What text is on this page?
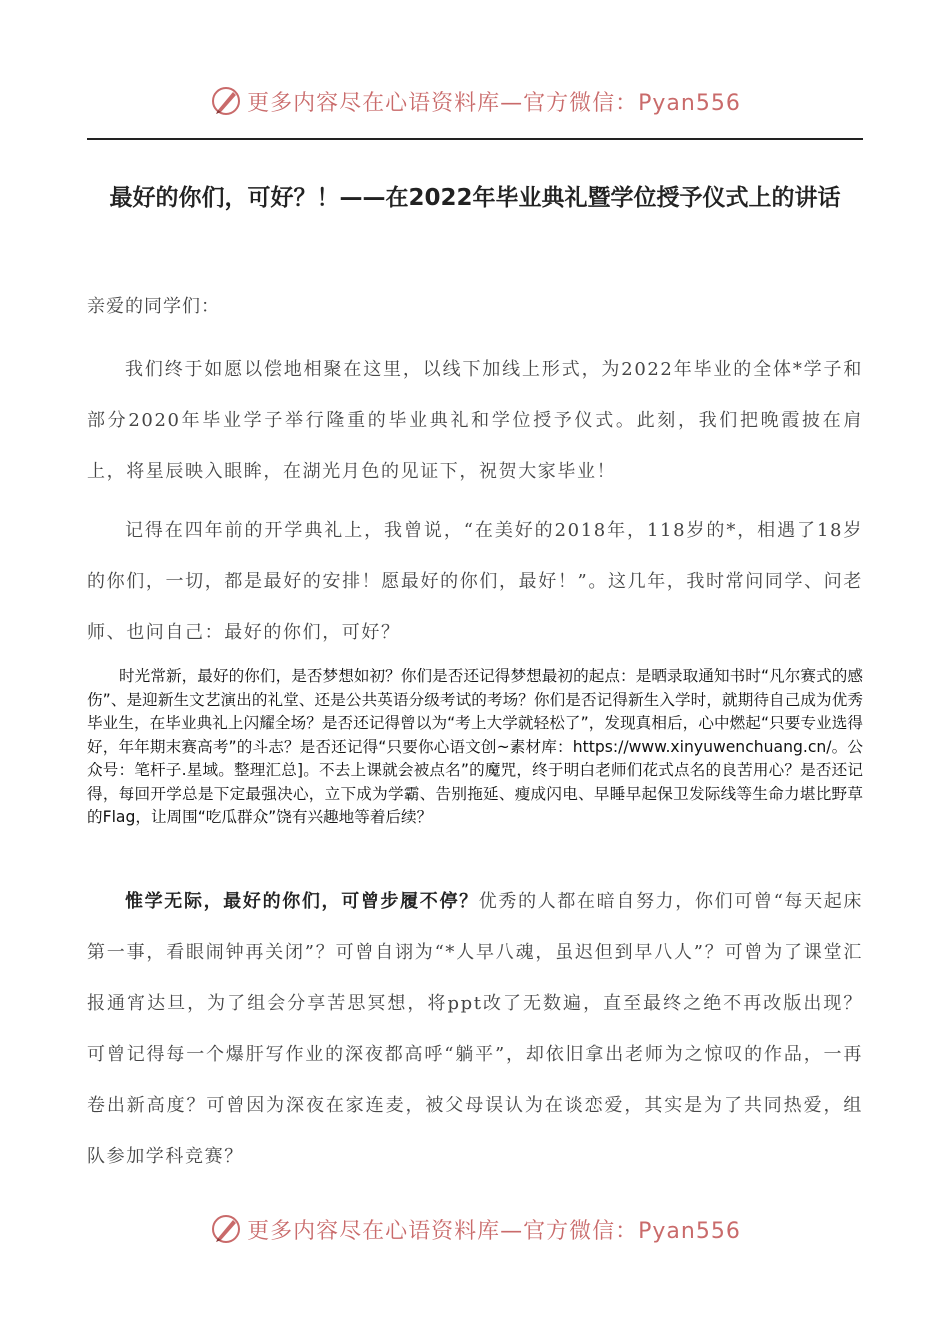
更多内容尽在心语资料库—官方微信：Pyan556
最好的你们，可好？！——在2022年毕业典礼暨学位授予仪式上的讲话
亲爱的同学们：

我们终于如愿以偿地相聚在这里，以线下加线上形式，为2022年毕业的全体*学子和部分2020年毕业学子举行隆重的毕业典礼和学位授予仪式。此刻，我们把晚霞披在肩上，将星辰映入眼眸，在湖光月色的见证下，祝贺大家毕业！

记得在四年前的开学典礼上，我曾说，“在美好的2018年，118岁的*，相遇了18岁的你们，一切，都是最好的安排！愿最好的你们，最好！”。这几年，我时常问同学、问老师、也问自己：最好的你们，可好？

时光常新，最好的你们，是否梦想如初？你们是否还记得梦想最初的起点：是晒录取通知书时“凡尔赛式的感伤”、是迎新生文艺演出的礼堂、还是公共英语分级考试的考场？你们是否记得新生入学时，就期待自己成为优秀毕业生，在毕业典礼上闪耀全场？是否还记得曾以为“考上大学就轻松了”，发现真相后，心中燃起“只要专业选得好，年年期末赛高考”的斗志？是否还记得“只要你心语文创~素材库：https://www.xinyuwenchuang.cn/。公众号：笔杆子.星域。整理汇总]。不去上课就会被点名”的魔咒，终于明白老师们花式点名的良苦用心？是否还记得，每回开学总是下定最强决心，立下成为学霸、告别拖延、瘦成闪电、早睡早起保卫发际线等生命力堪比野草的Flag，让周围“吃瓜群众”饶有兴趣地等着后续？

惟学无际，最好的你们，可曾步履不停？优秀的人都在暗自努力，你们可曾“每天起床第一事，看眼闹钟再关闭”？可曾自诩为“*人早八魂，虽迟但到早八人”？可曾为了课堂汇报通宵达旦，为了组会分享苦思冥想，将ppt改了无数遍，直至最终之绝不再改版出现？可曾记得每一个爆肝写作业的深夜都高呼“躺平”，却依旧拿出老师为之惊叹的作品，一再卷出新高度？可曾因为深夜在家连麦，被父母误认为在谈恋爱，其实是为了共同热爱，组队参加学科竞赛？

更多内容尽在心语资料库—官方微信：Pyan556
